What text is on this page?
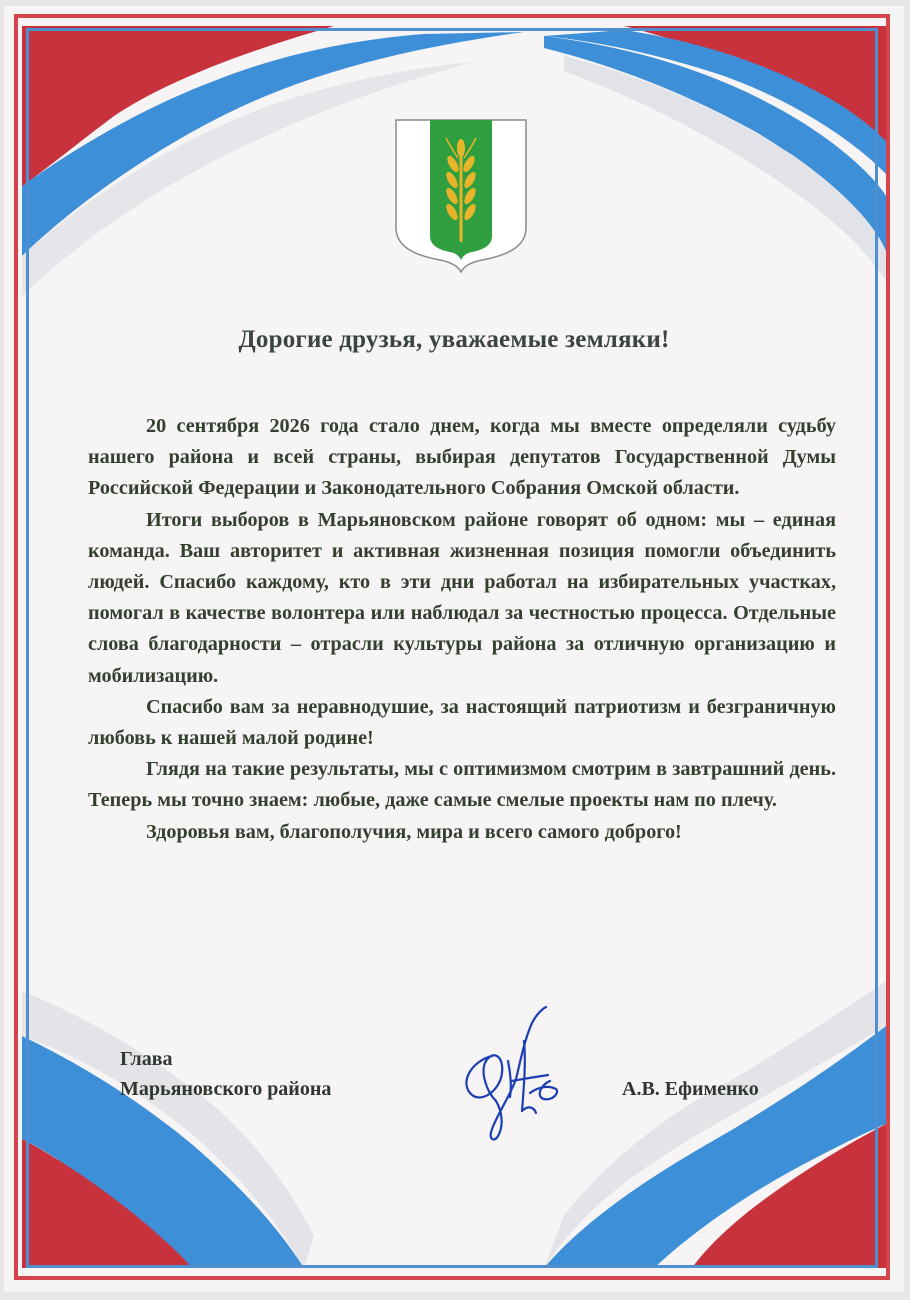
Дорогие друзья, уважаемые земляки!

20 сентября 2026 года стало днем, когда мы вместе определяли судьбу нашего района и всей страны, выбирая депутатов Государственной Думы Российской Федерации и Законодательного Собрания Омской области.

Итоги выборов в Марьяновском районе говорят об одном: мы – единая команда. Ваш авторитет и активная жизненная позиция помогли объединить людей. Спасибо каждому, кто в эти дни работал на избирательных участках, помогал в качестве волонтера или наблюдал за честностью процесса. Отдельные слова благодарности – отрасли культуры района за отличную организацию и мобилизацию.

Спасибо вам за неравнодушие, за настоящий патриотизм и безграничную любовь к нашей малой родине!

Глядя на такие результаты, мы с оптимизмом смотрим в завтрашний день. Теперь мы точно знаем: любые, даже самые смелые проекты нам по плечу.

Здоровья вам, благополучия, мира и всего самого доброго!

Глава
Марьяновского района	А.В. Ефименко
